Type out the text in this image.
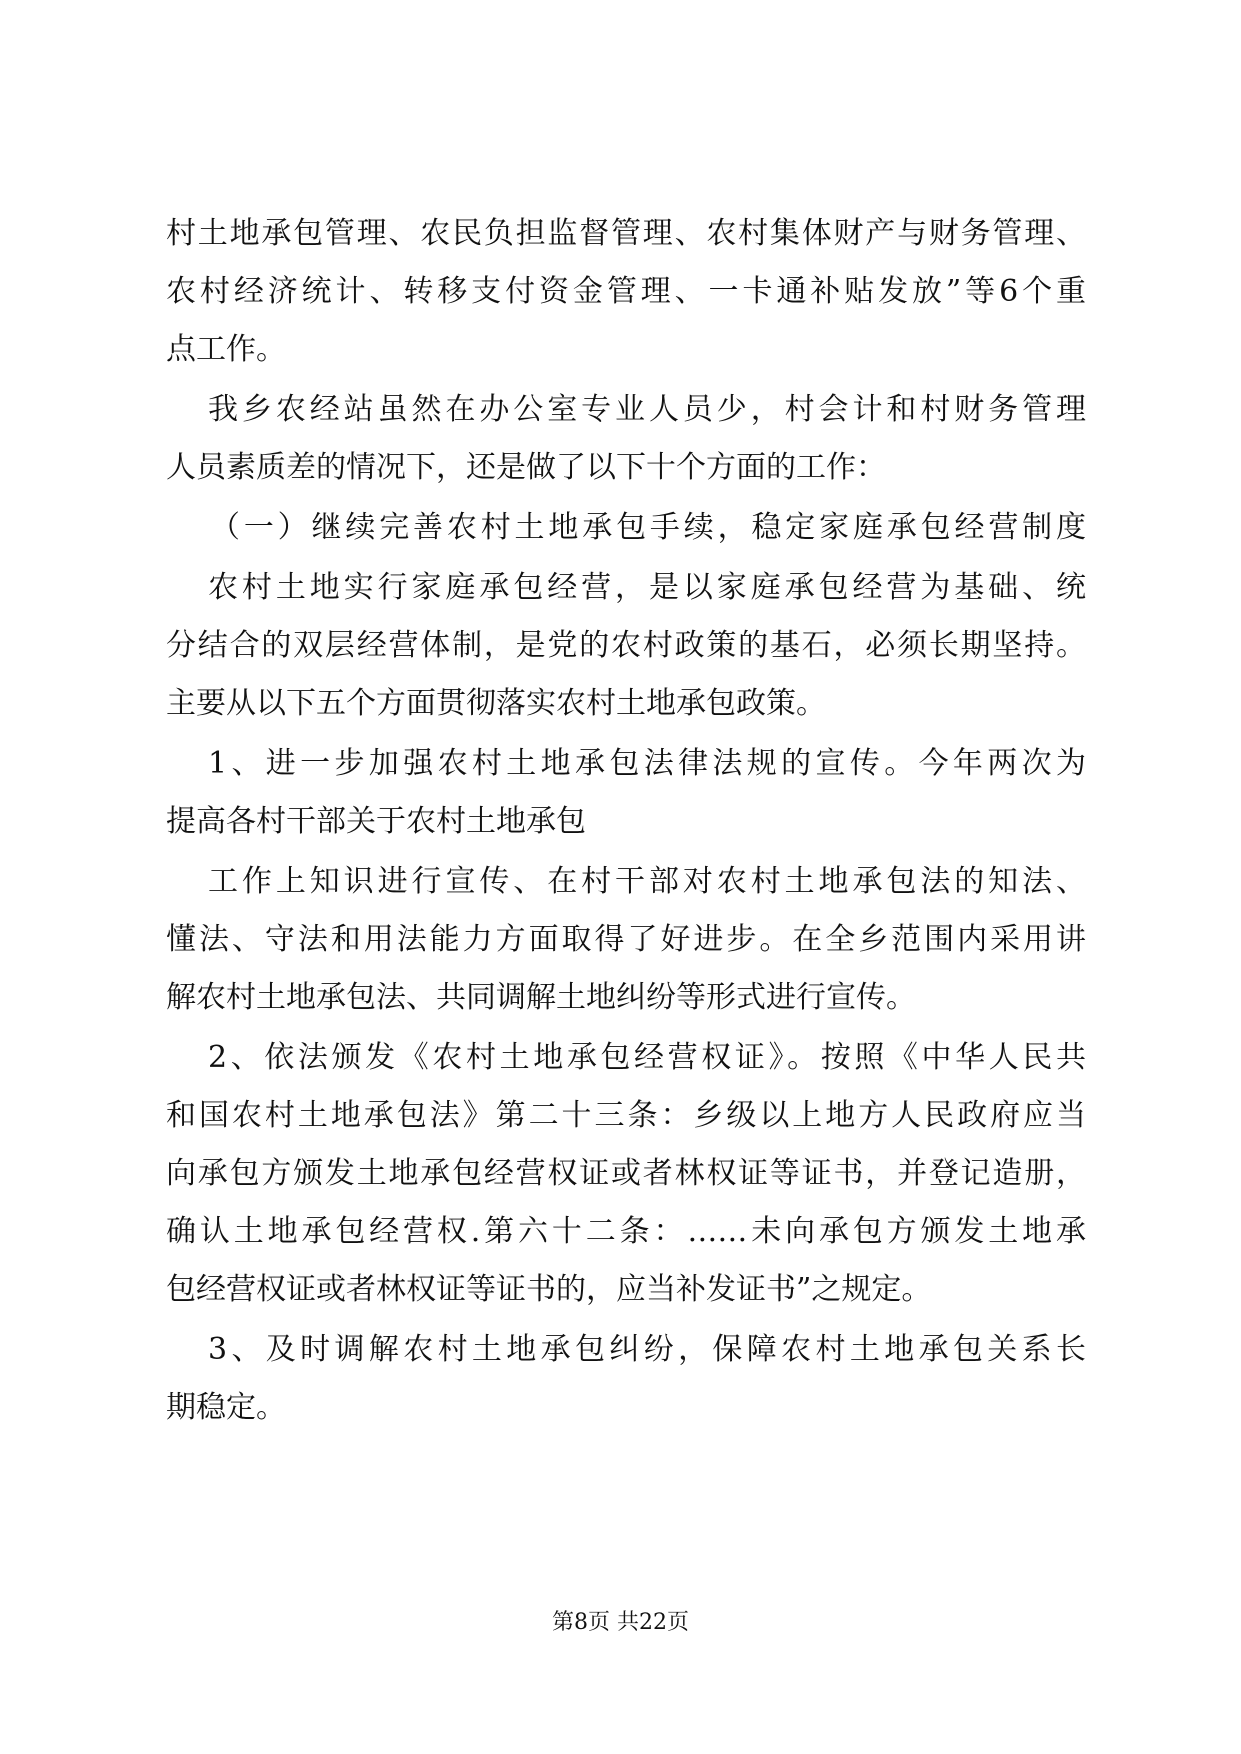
村土地承包管理、农民负担监督管理、农村集体财产与财务管理、
农村经济统计、转移支付资金管理、一卡通补贴发放”等6个重
点工作。
我乡农经站虽然在办公室专业人员少，村会计和村财务管理
人员素质差的情况下，还是做了以下十个方面的工作：
（一）继续完善农村土地承包手续，稳定家庭承包经营制度
农村土地实行家庭承包经营，是以家庭承包经营为基础、统
分结合的双层经营体制，是党的农村政策的基石，必须长期坚持。
主要从以下五个方面贯彻落实农村土地承包政策。
1、进一步加强农村土地承包法律法规的宣传。今年两次为
提高各村干部关于农村土地承包
工作上知识进行宣传、在村干部对农村土地承包法的知法、
懂法、守法和用法能力方面取得了好进步。在全乡范围内采用讲
解农村土地承包法、共同调解土地纠纷等形式进行宣传。
2、依法颁发《农村土地承包经营权证》。按照《中华人民共
和国农村土地承包法》第二十三条：乡级以上地方人民政府应当
向承包方颁发土地承包经营权证或者林权证等证书，并登记造册，
确认土地承包经营权.第六十二条：……未向承包方颁发土地承
包经营权证或者林权证等证书的，应当补发证书”之规定。
3、及时调解农村土地承包纠纷，保障农村土地承包关系长
期稳定。
第8页 共22页
